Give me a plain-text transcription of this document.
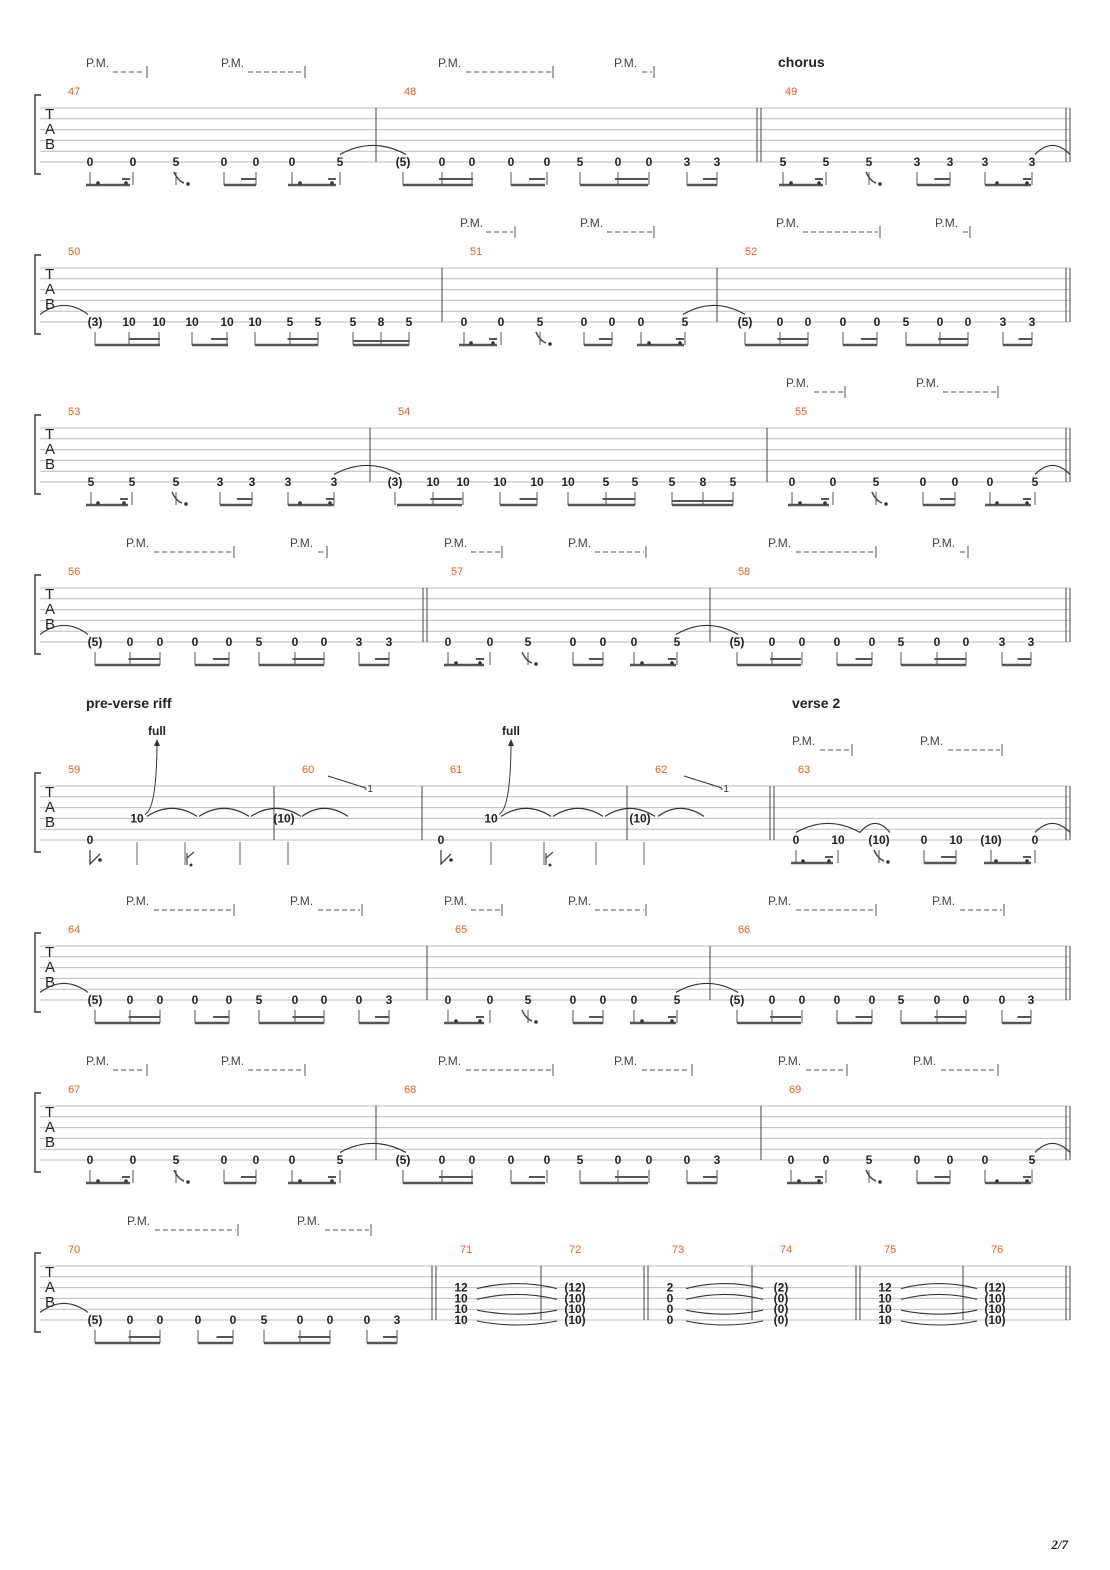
T
A
B
47	48	49
P.M.	P.M.	P.M.	P.M.	chorus
0	0	5	0 0 0	5	(5) 0 0	0 0 5	0 0	3 3	5	5	5	3 3 3	3
T
A
B
50	51	52
P.M.	P.M.	P.M.	P.M.
(3) 10 10 10 10 10 5 5 5 8 5	0	0	5	0 0 0	5	(5) 0 0 0 0 5 0 0 3 3
T
A
B
53	54	55
P.M.	P.M.
5	5	5	3 3 3	3	(3) 10 10 10 10 10 5 5	5 8 5	0	0	5	0 0 0	5
T
A
B
56	57	58
P.M.	P.M.	P.M.	P.M.	P.M.	P.M.
(5) 0 0 0 0 5 0 0 3 3	0	0	5	0 0 0	5	(5) 0 0 0 0 5 0 0 3 3
T
A
B
59	60	61	62	63
P.M.	P.M.
pre-verse riff	verse 2
0	10 (10)	0 10 (10) 0
0
10
full
(10)
-1
0
10
full
(10)
-1
T
A
B
64	65	66
P.M.	P.M.	P.M.	P.M.	P.M.	P.M.
(5) 0 0 0 0 5 0 0 0 3	0	0	5	0 0 0	5	(5) 0 0 0 0 5 0 0 0 3
T
A
B
67	68	69
P.M.	P.M.	P.M.	P.M.	P.M.	P.M.
0	0	5	0 0 0	5	(5) 0 0	0 0 5	0 0	0 3	0 0	5	0 0 0	5
T
A
B
70	71	72	73	74	75	76
P.M.	P.M.
(5) 0 0	0 0 5 0 0	0 3
12
10
10
10
(12)
(10)
(10)
(10)
2
0
0
0
(2)
(0)
(0)
(0)
12
10
10
10
(12)
(10)
(10)
(10)
2/7
